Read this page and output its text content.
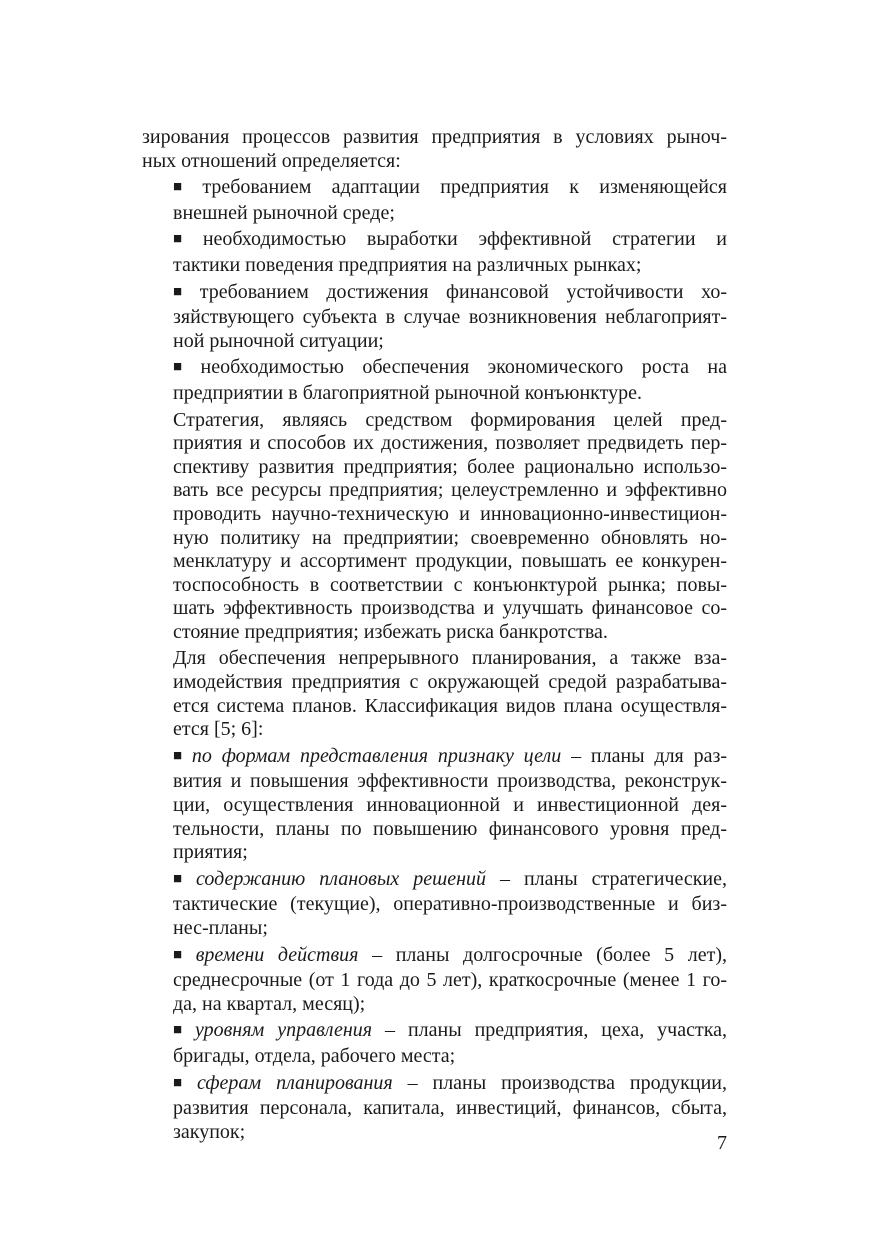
зирования процессов развития предприятия в условиях рыноч-
ных отношений определяется:

■ требованием адаптации предприятия к изменяющейся
внешней рыночной среде;

■ необходимостью выработки эффективной стратегии и
тактики поведения предприятия на различных рынках;

■ требованием достижения финансовой устойчивости хо-
зяйствующего субъекта в случае возникновения неблагоприят-
ной рыночной ситуации;

■ необходимостью обеспечения экономического роста на
предприятии в благоприятной рыночной конъюнктуре.

Стратегия, являясь средством формирования целей пред-
приятия и способов их достижения, позволяет предвидеть пер-
спективу развития предприятия; более рационально использо-
вать все ресурсы предприятия; целеустремленно и эффективно
проводить научно-техническую и инновационно-инвестицион-
ную политику на предприятии; своевременно обновлять но-
менклатуру и ассортимент продукции, повышать ее конкурен-
тоспособность в соответствии с конъюнктурой рынка; повы-
шать эффективность производства и улучшать финансовое со-
стояние предприятия; избежать риска банкротства.

Для обеспечения непрерывного планирования, а также вза-
имодействия предприятия с окружающей средой разрабатыва-
ется система планов. Классификация видов плана осуществля-
ется [5; 6]:

■ по формам представления признаку цели – планы для раз-
вития и повышения эффективности производства, реконструк-
ции, осуществления инновационной и инвестиционной дея-
тельности, планы по повышению финансового уровня пред-
приятия;

■ содержанию плановых решений – планы стратегические,
тактические (текущие), оперативно-производственные и биз-
нес-планы;

■ времени действия – планы долгосрочные (более 5 лет),
среднесрочные (от 1 года до 5 лет), краткосрочные (менее 1 го-
да, на квартал, месяц);

■ уровням управления – планы предприятия, цеха, участка,
бригады, отдела, рабочего места;

■ сферам планирования – планы производства продукции,
развития персонала, капитала, инвестиций, финансов, сбыта,
закупок;

7
